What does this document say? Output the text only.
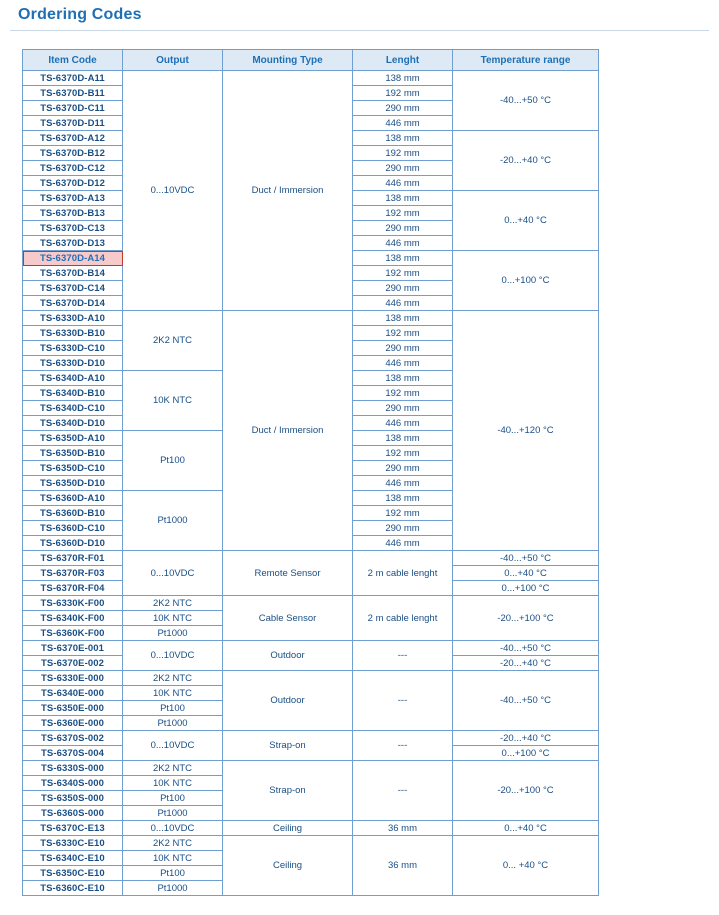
Ordering Codes
Item Code	Output	Mounting Type	Lenght	Temperature range
TS-6370D-A11	0...10VDC	Duct / Immersion	138 mm	-40...+50 °C
TS-6370D-B11			192 mm	
TS-6370D-C11			290 mm	
TS-6370D-D11			446 mm	
TS-6370D-A12			138 mm	-20...+40 °C
TS-6370D-B12			192 mm	
TS-6370D-C12			290 mm	
TS-6370D-D12			446 mm	
TS-6370D-A13			138 mm	0...+40 °C
TS-6370D-B13			192 mm	
TS-6370D-C13			290 mm	
TS-6370D-D13			446 mm	
TS-6370D-A14			138 mm	0...+100 °C
TS-6370D-B14			192 mm	
TS-6370D-C14			290 mm	
TS-6370D-D14			446 mm	
TS-6330D-A10	2K2 NTC	Duct / Immersion	138 mm	-40...+120 °C
TS-6330D-B10			192 mm	
TS-6330D-C10			290 mm	
TS-6330D-D10			446 mm	
TS-6340D-A10	10K NTC		138 mm	
TS-6340D-B10			192 mm	
TS-6340D-C10			290 mm	
TS-6340D-D10			446 mm	
TS-6350D-A10	Pt100		138 mm	
TS-6350D-B10			192 mm	
TS-6350D-C10			290 mm	
TS-6350D-D10			446 mm	
TS-6360D-A10	Pt1000		138 mm	
TS-6360D-B10			192 mm	
TS-6360D-C10			290 mm	
TS-6360D-D10			446 mm	
TS-6370R-F01	0...10VDC	Remote Sensor	2 m cable lenght	-40...+50 °C
TS-6370R-F03				0...+40 °C
TS-6370R-F04				0...+100 °C
TS-6330K-F00	2K2 NTC	Cable Sensor	2 m cable lenght	-20...+100 °C
TS-6340K-F00	10K NTC			
TS-6360K-F00	Pt1000			
TS-6370E-001	0...10VDC	Outdoor	---	-40...+50 °C
TS-6370E-002				-20...+40 °C
TS-6330E-000	2K2 NTC	Outdoor	---	-40...+50 °C
TS-6340E-000	10K NTC			
TS-6350E-000	Pt100			
TS-6360E-000	Pt1000			
TS-6370S-002	0...10VDC	Strap-on	---	-20...+40 °C
TS-6370S-004				0...+100 °C
TS-6330S-000	2K2 NTC	Strap-on	---	-20...+100 °C
TS-6340S-000	10K NTC			
TS-6350S-000	Pt100			
TS-6360S-000	Pt1000			
TS-6370C-E13	0...10VDC	Ceiling	36 mm	0...+40 °C
TS-6330C-E10	2K2 NTC	Ceiling	36 mm	0... +40 °C
TS-6340C-E10	10K NTC			
TS-6350C-E10	Pt100			
TS-6360C-E10	Pt1000			
